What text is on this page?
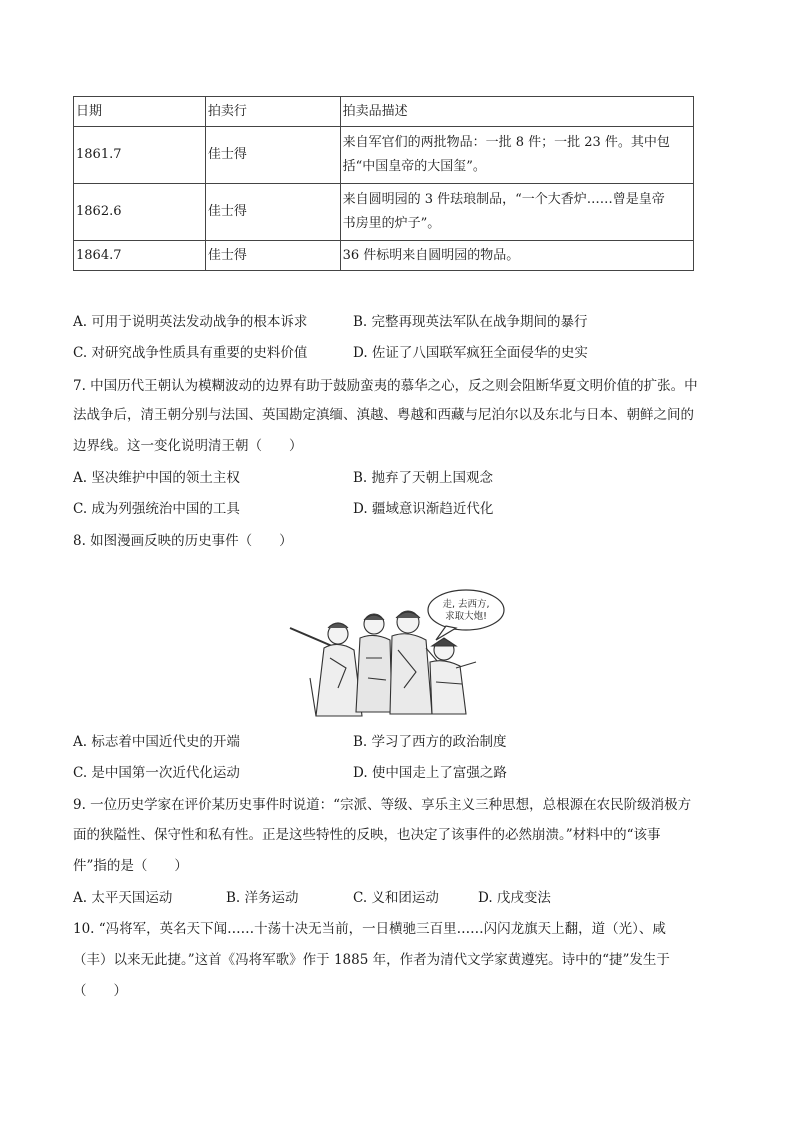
日期	拍卖行	拍卖品描述
1861.7	佳士得	来自军官们的两批物品：一批 8 件；一批 23 件。其中包
括“中国皇帝的大国玺”。

1862.6	佳士得	来自圆明园的 3 件珐琅制品，“一个大香炉……曾是皇帝
书房里的炉子”。

1864.7	佳士得	36 件标明来自圆明园的物品。
A. 可用于说明英法发动战争的根本诉求	B. 完整再现英法军队在战争期间的暴行
C. 对研究战争性质具有重要的史料价值	D. 佐证了八国联军疯狂全面侵华的史实
7. 中国历代王朝认为模糊波动的边界有助于鼓励蛮夷的慕华之心，反之则会阻断华夏文明价值的扩张。中
法战争后，清王朝分别与法国、英国勘定滇缅、滇越、粤越和西藏与尼泊尔以及东北与日本、朝鲜之间的
边界线。这一变化说明清王朝（　　）
A. 坚决维护中国的领土主权	B. 抛弃了天朝上国观念
C. 成为列强统治中国的工具	D. 疆域意识渐趋近代化
8. 如图漫画反映的历史事件（　　）
走, 去西方,
求取大炮!
A. 标志着中国近代史的开端	B. 学习了西方的政治制度
C. 是中国第一次近代化运动	D. 使中国走上了富强之路
9. 一位历史学家在评价某历史事件时说道：“宗派、等级、享乐主义三种思想，总根源在农民阶级消极方
面的狭隘性、保守性和私有性。正是这些特性的反映，也决定了该事件的必然崩溃。”材料中的“该事
件”指的是（　　）
A. 太平天国运动	B. 洋务运动	C. 义和团运动	D. 戊戌变法
10. “冯将军，英名天下闻……十荡十决无当前，一日横驰三百里……闪闪龙旗天上翻，道（光）、咸
（丰）以来无此捷。”这首《冯将军歌》作于 1885 年，作者为清代文学家黄遵宪。诗中的“捷”发生于
（　　）
